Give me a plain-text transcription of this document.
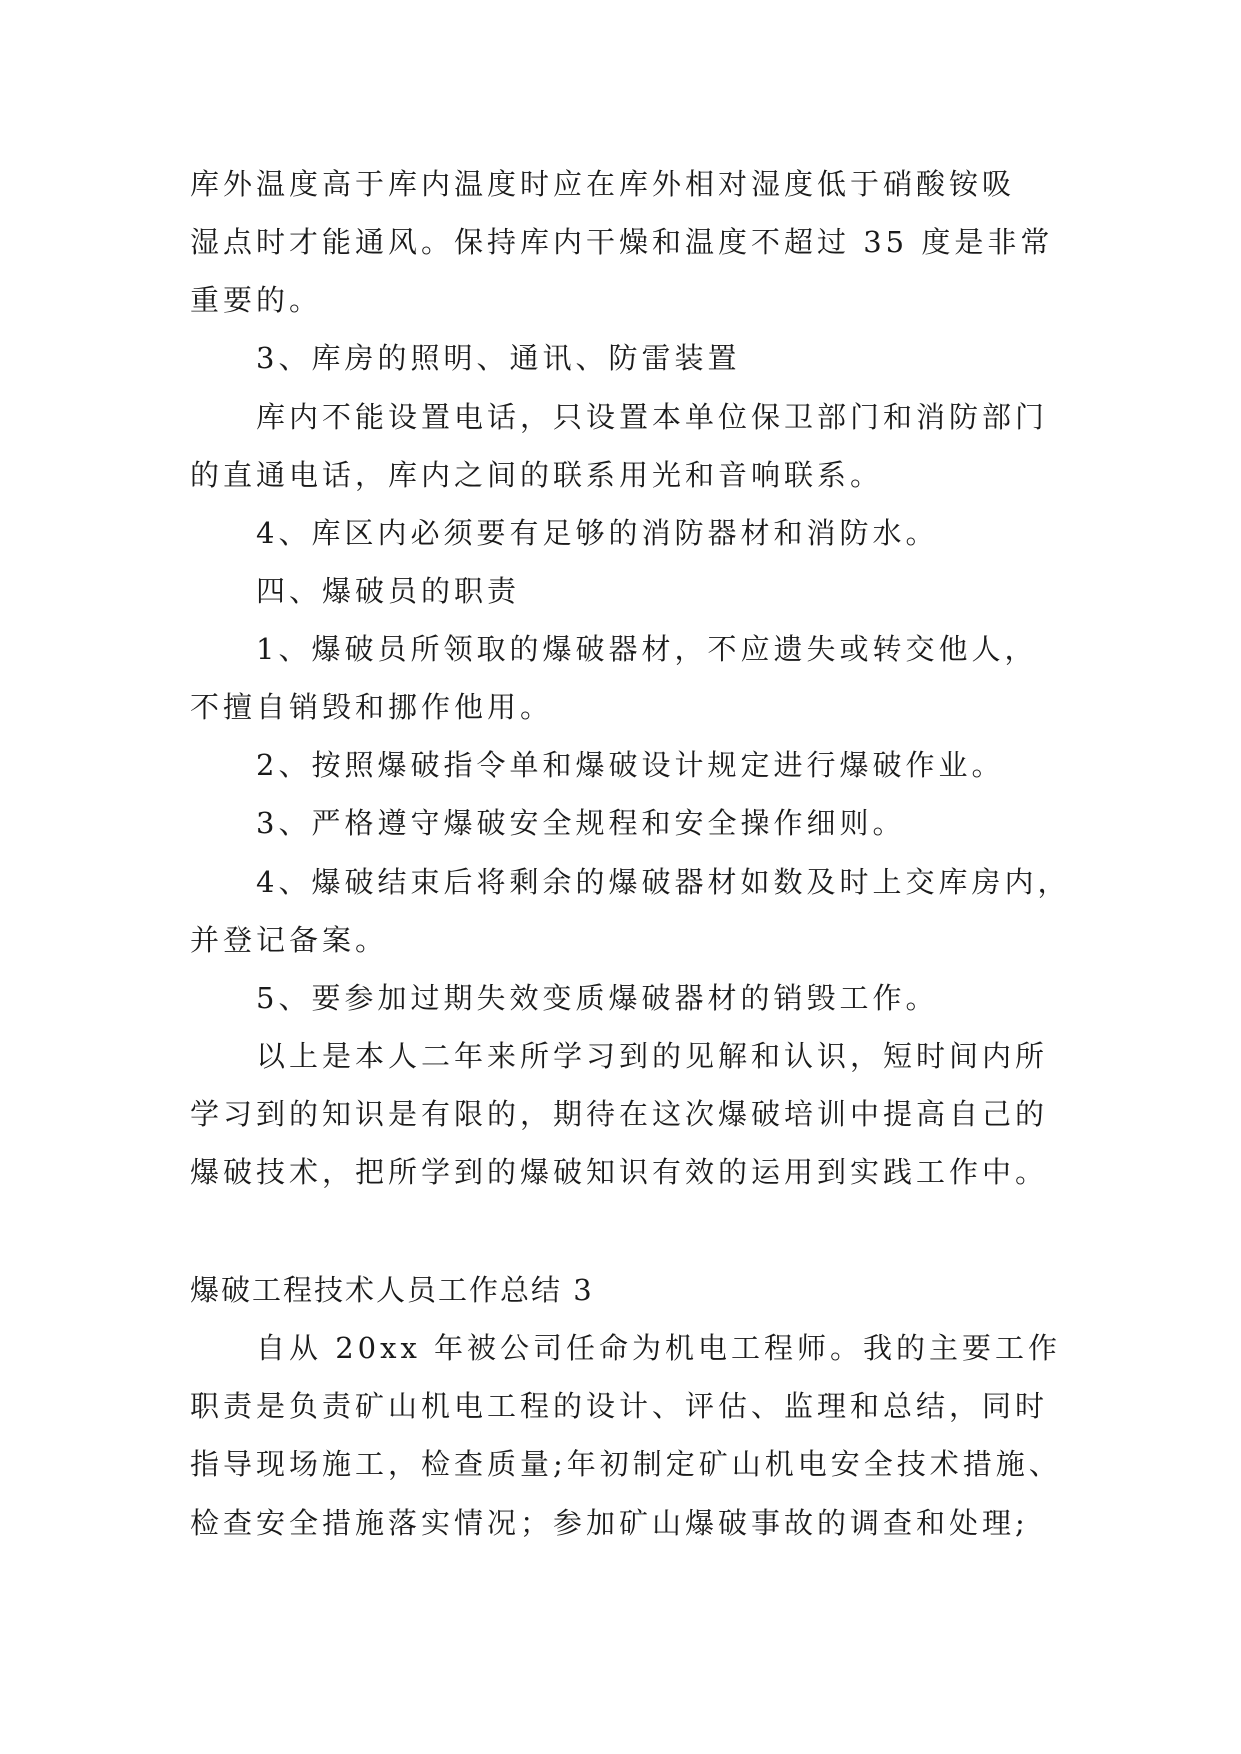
库外温度高于库内温度时应在库外相对湿度低于硝酸铵吸
湿点时才能通风。保持库内干燥和温度不超过 35 度是非常
重要的。
3、库房的照明、通讯、防雷装置
库内不能设置电话，只设置本单位保卫部门和消防部门
的直通电话，库内之间的联系用光和音响联系。
4、库区内必须要有足够的消防器材和消防水。
四、爆破员的职责
1、爆破员所领取的爆破器材，不应遗失或转交他人，
不擅自销毁和挪作他用。
2、按照爆破指令单和爆破设计规定进行爆破作业。
3、严格遵守爆破安全规程和安全操作细则。
4、爆破结束后将剩余的爆破器材如数及时上交库房内，
并登记备案。
5、要参加过期失效变质爆破器材的销毁工作。
以上是本人二年来所学习到的见解和认识，短时间内所
学习到的知识是有限的，期待在这次爆破培训中提高自己的
爆破技术，把所学到的爆破知识有效的运用到实践工作中。
爆破工程技术人员工作总结 3
自从 20xx 年被公司任命为机电工程师。我的主要工作
职责是负责矿山机电工程的设计、评估、监理和总结，同时
指导现场施工，检查质量;年初制定矿山机电安全技术措施、
检查安全措施落实情况；参加矿山爆破事故的调查和处理;
